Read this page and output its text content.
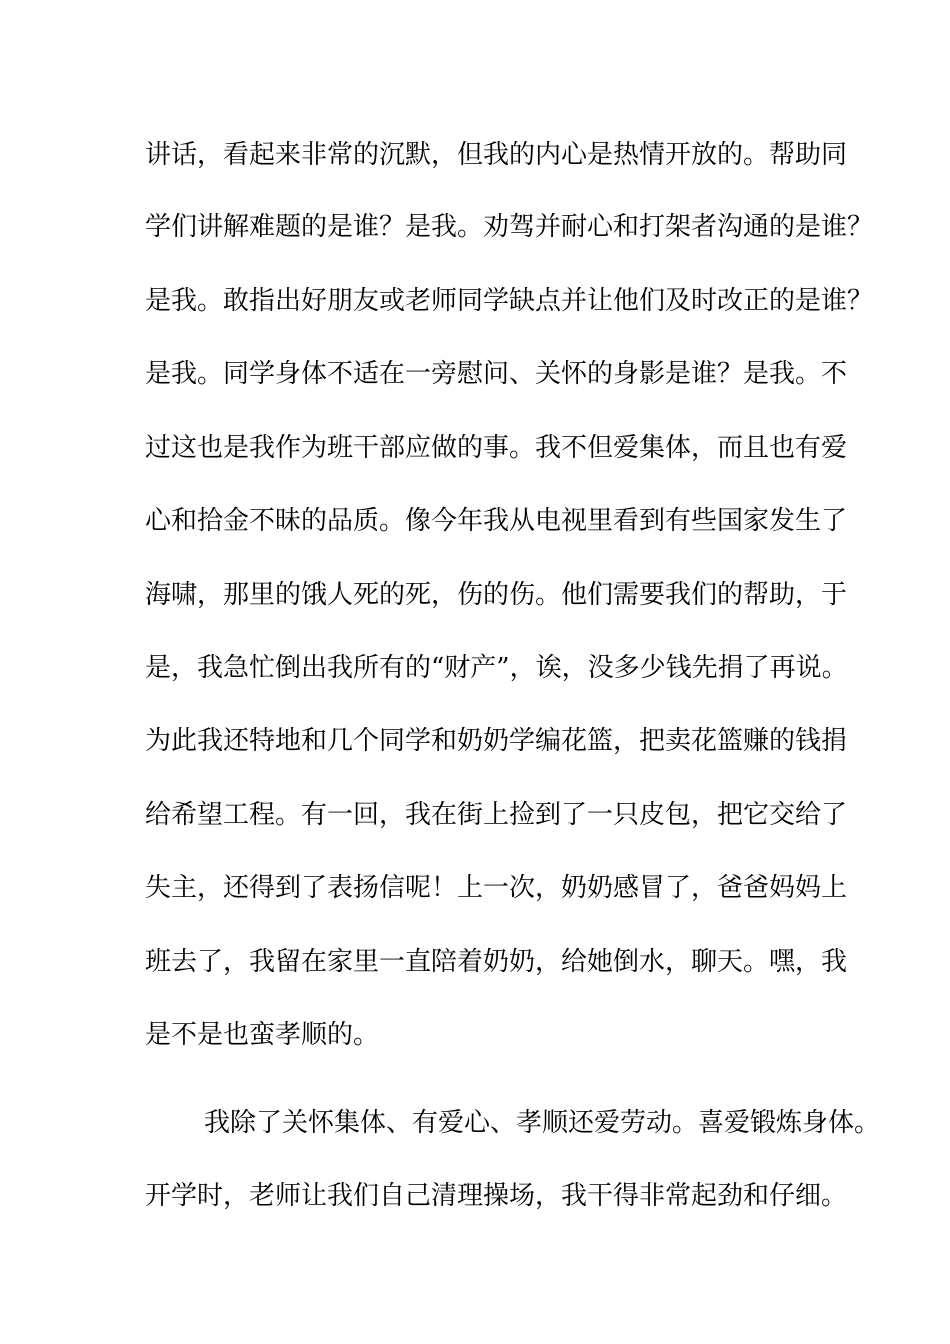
讲话，看起来非常的沉默，但我的内心是热情开放的。帮助同
学们讲解难题的是谁？是我。劝驾并耐心和打架者沟通的是谁？
是我。敢指出好朋友或老师同学缺点并让他们及时改正的是谁？
是我。同学身体不适在一旁慰问、关怀的身影是谁？是我。不
过这也是我作为班干部应做的事。我不但爱集体，而且也有爱
心和拾金不昧的品质。像今年我从电视里看到有些国家发生了
海啸，那里的饿人死的死，伤的伤。他们需要我们的帮助，于
是，我急忙倒出我所有的“财产”，诶，没多少钱先捐了再说。
为此我还特地和几个同学和奶奶学编花篮，把卖花篮赚的钱捐
给希望工程。有一回，我在街上捡到了一只皮包，把它交给了
失主，还得到了表扬信呢！上一次，奶奶感冒了，爸爸妈妈上
班去了，我留在家里一直陪着奶奶，给她倒水，聊天。嘿，我
是不是也蛮孝顺的。
我除了关怀集体、有爱心、孝顺还爱劳动。喜爱锻炼身体。
开学时，老师让我们自己清理操场，我干得非常起劲和仔细。
